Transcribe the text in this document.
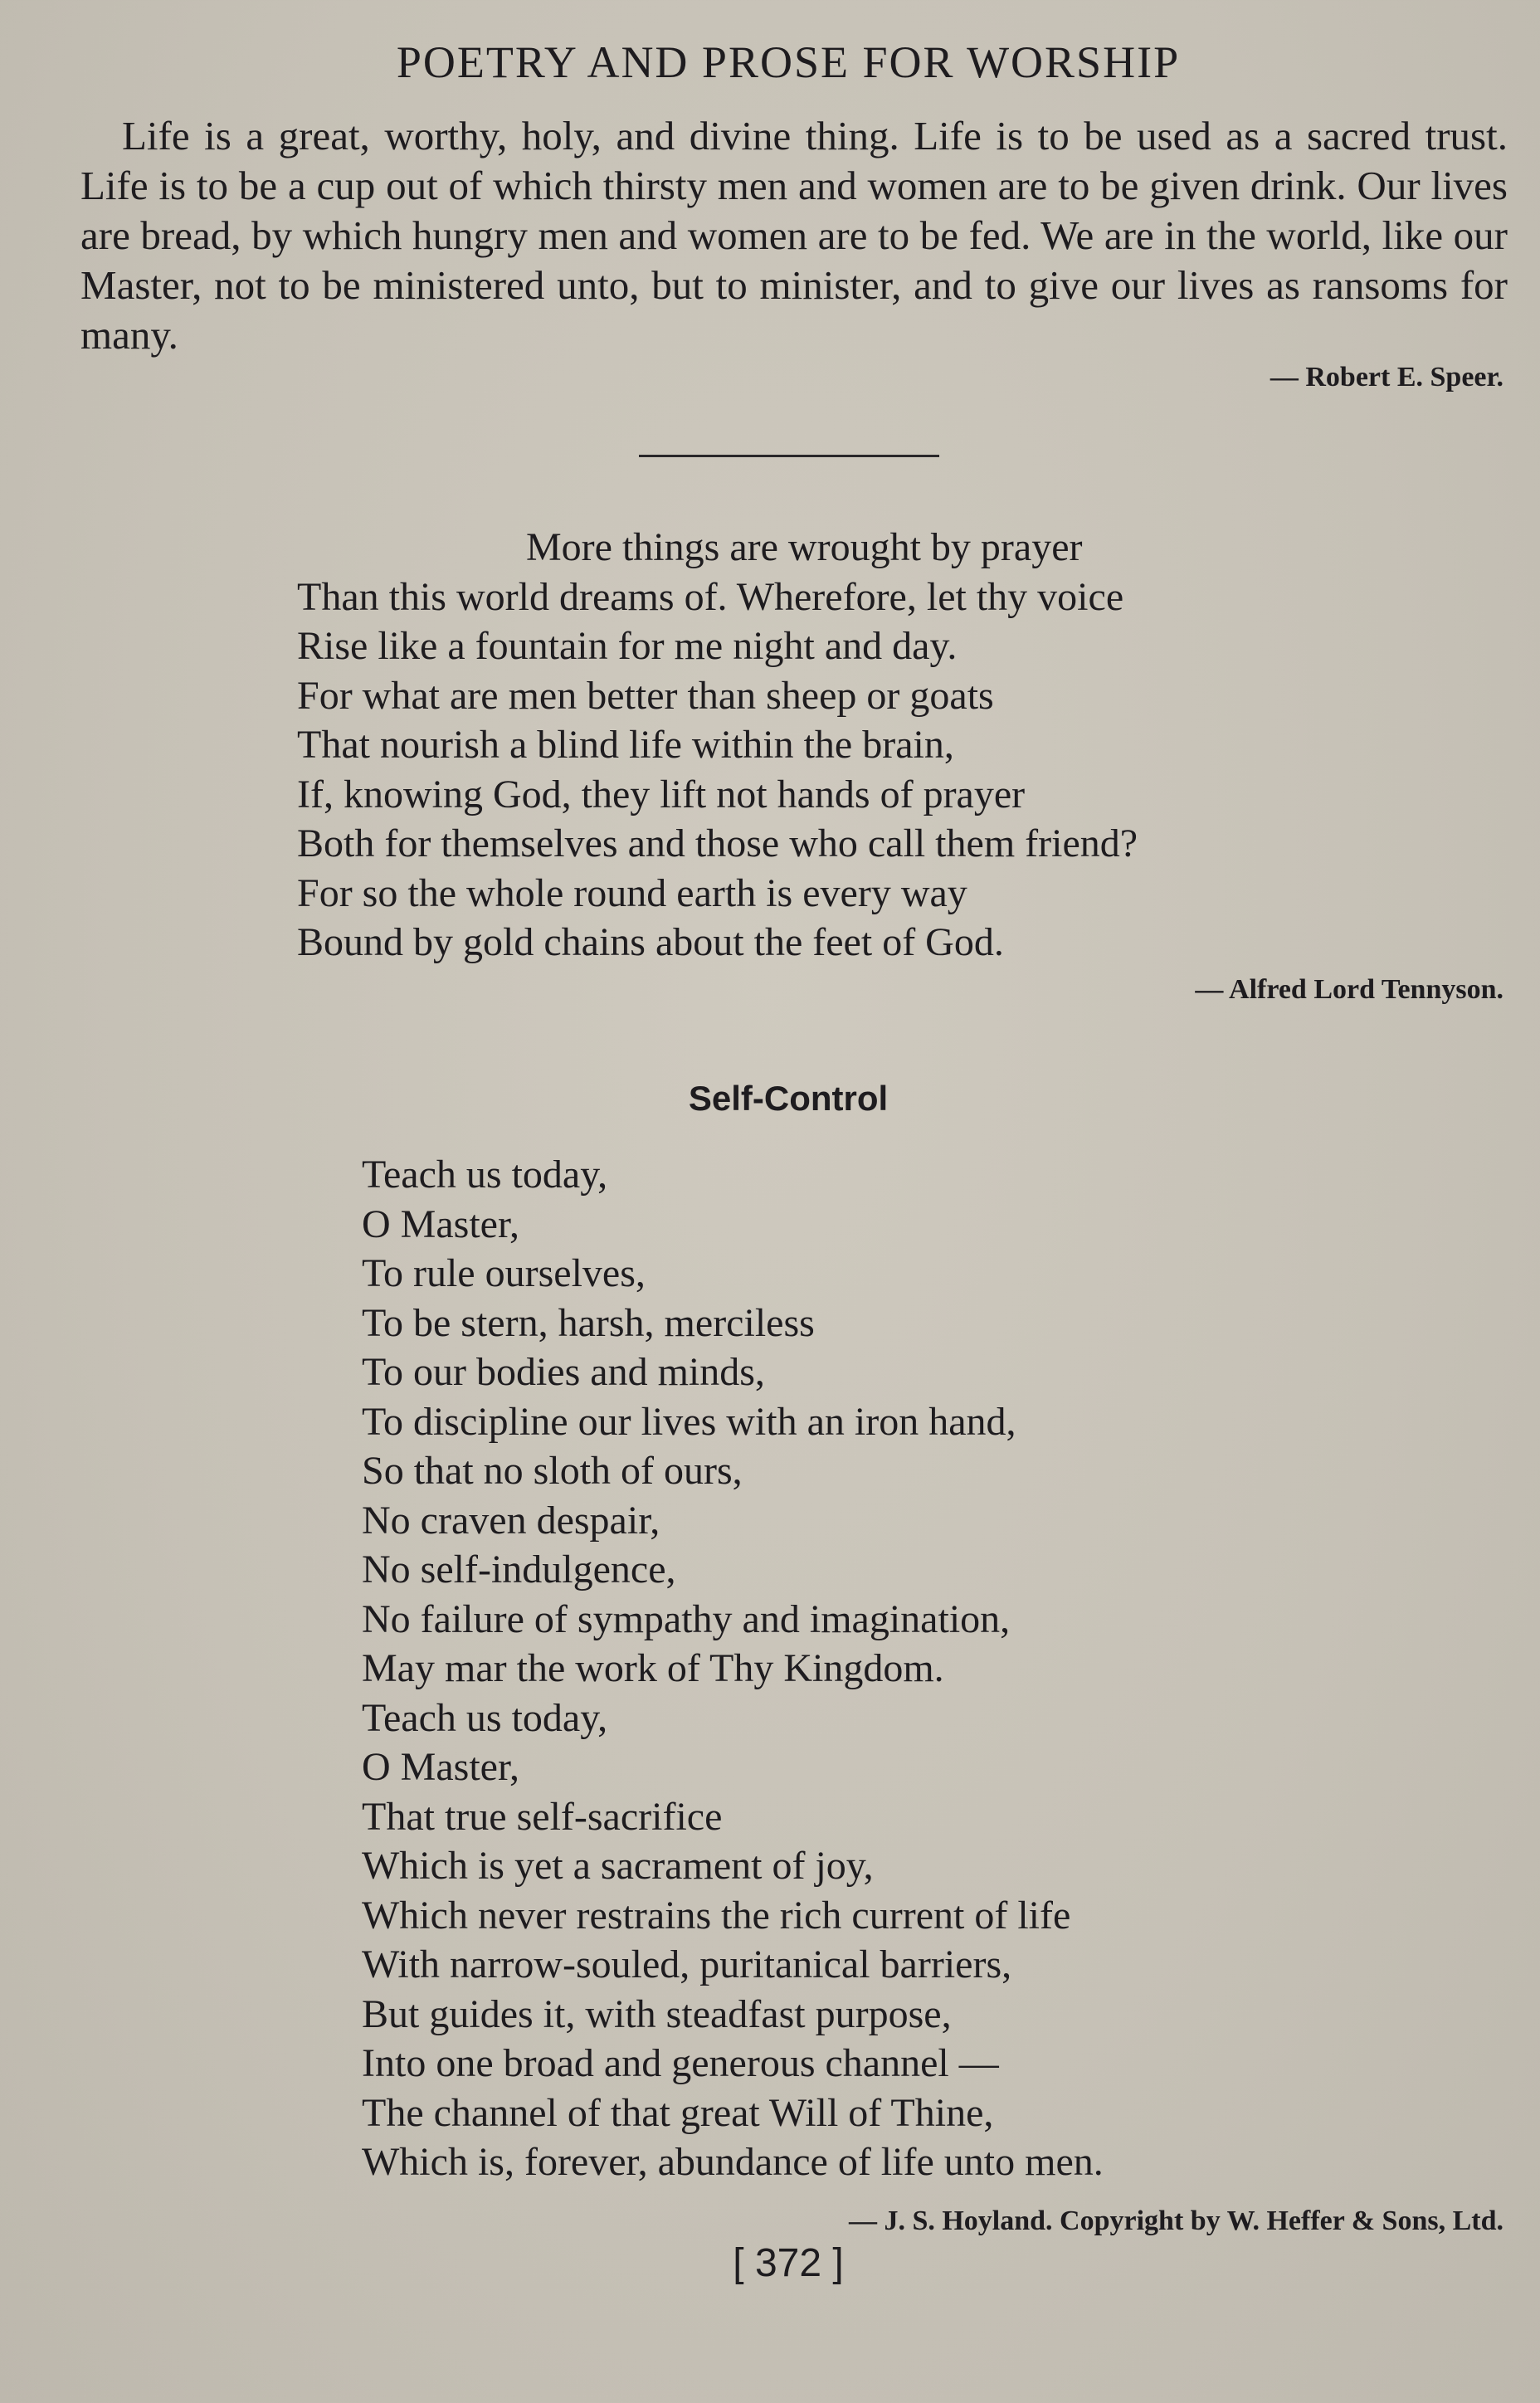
POETRY AND PROSE FOR WORSHIP

Life is a great, worthy, holy, and divine thing. Life is to be used as a sacred trust. Life is to be a cup out of which thirsty men and women are to be given drink. Our lives are bread, by which hungry men and women are to be fed. We are in the world, like our Master, not to be ministered unto, but to minister, and to give our lives as ransoms for many.

— Robert E. Speer.
More things are wrought by prayer
Than this world dreams of. Wherefore, let thy voice
Rise like a fountain for me night and day.
For what are men better than sheep or goats
That nourish a blind life within the brain,
If, knowing God, they lift not hands of prayer
Both for themselves and those who call them friend?
For so the whole round earth is every way
Bound by gold chains about the feet of God.
— Alfred Lord Tennyson.
Self-Control
Teach us today,
O Master,
To rule ourselves,
To be stern, harsh, merciless
To our bodies and minds,
To discipline our lives with an iron hand,
So that no sloth of ours,
No craven despair,
No self-indulgence,
No failure of sympathy and imagination,
May mar the work of Thy Kingdom.
Teach us today,
O Master,
That true self-sacrifice
Which is yet a sacrament of joy,
Which never restrains the rich current of life
With narrow-souled, puritanical barriers,
But guides it, with steadfast purpose,
Into one broad and generous channel —
The channel of that great Will of Thine,
Which is, forever, abundance of life unto men.
— J. S. Hoyland. Copyright by W. Heffer & Sons, Ltd.
[ 372 ]
